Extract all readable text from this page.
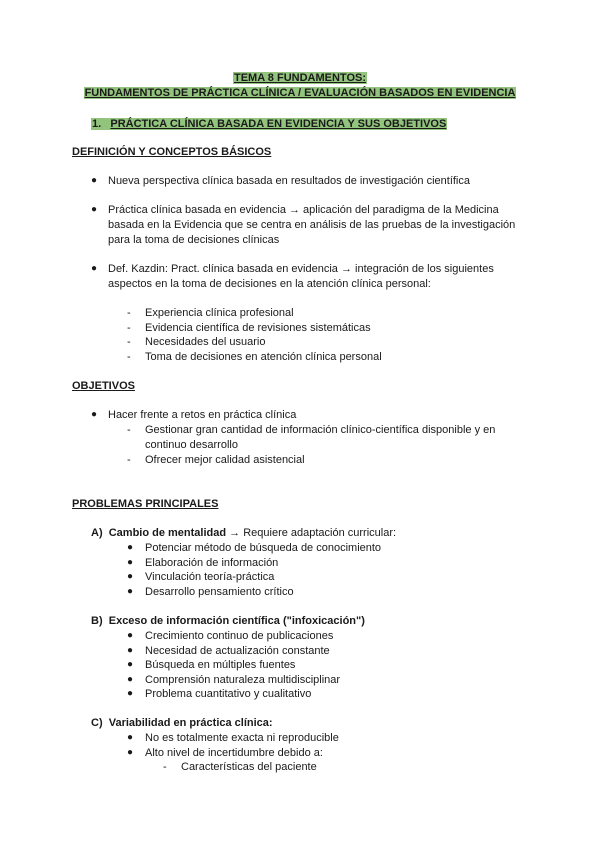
TEMA 8 FUNDAMENTOS:
FUNDAMENTOS DE PRÁCTICA CLÍNICA / EVALUACIÓN BASADOS EN EVIDENCIA
1. PRÁCTICA CLÍNICA BASADA EN EVIDENCIA Y SUS OBJETIVOS
DEFINICIÓN Y CONCEPTOS BÁSICOS
● Nueva perspectiva clínica basada en resultados de investigación científica
● Práctica clínica basada en evidencia → aplicación del paradigma de la Medicina
basada en la Evidencia que se centra en análisis de las pruebas de la investigación
para la toma de decisiones clínicas
● Def. Kazdin: Pract. clínica basada en evidencia → integración de los siguientes
aspectos en la toma de decisiones en la atención clínica personal:
- Experiencia clínica profesional
- Evidencia científica de revisiones sistemáticas
- Necesidades del usuario
- Toma de decisiones en atención clínica personal
OBJETIVOS
● Hacer frente a retos en práctica clínica
- Gestionar gran cantidad de información clínico-científica disponible y en
continuo desarrollo
- Ofrecer mejor calidad asistencial
PROBLEMAS PRINCIPALES
A) Cambio de mentalidad → Requiere adaptación curricular:
● Potenciar método de búsqueda de conocimiento
● Elaboración de información
● Vinculación teoría-práctica
● Desarrollo pensamiento crítico
B) Exceso de información científica ("infoxicación")
● Crecimiento continuo de publicaciones
● Necesidad de actualización constante
● Búsqueda en múltiples fuentes
● Comprensión naturaleza multidisciplinar
● Problema cuantitativo y cualitativo
C) Variabilidad en práctica clínica:
● No es totalmente exacta ni reproducible
● Alto nivel de incertidumbre debido a:
- Características del paciente
